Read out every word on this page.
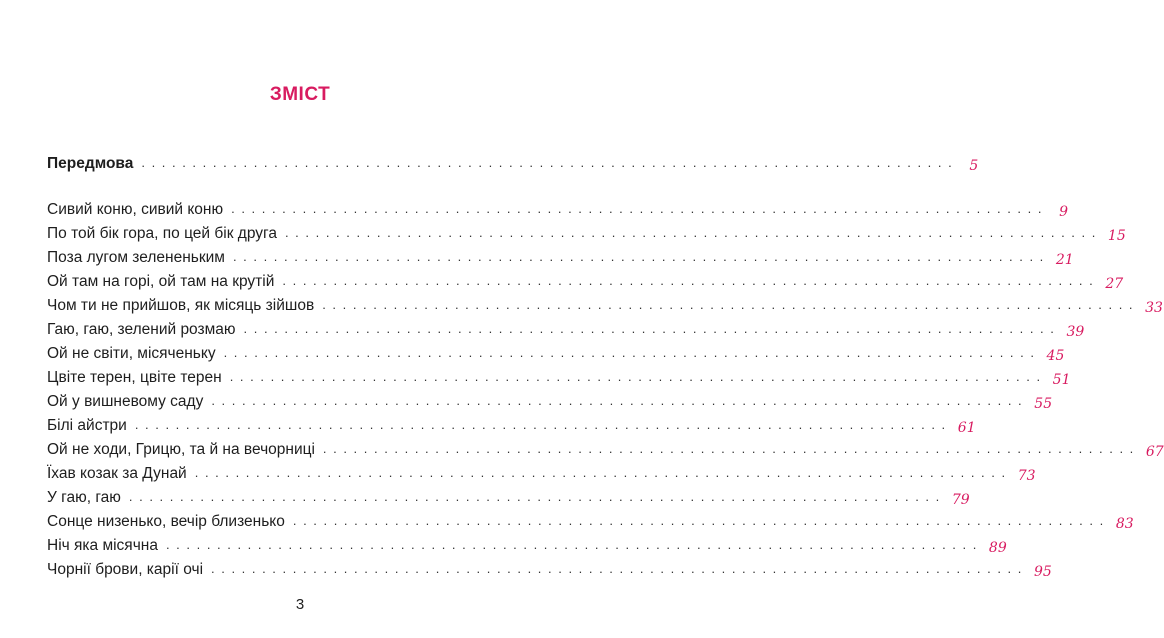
ЗМІСТ
Передмова ................................................................................ 5
Сивий коню, сивий коню ................................................................................ 9
По той бік гора, по цей бік друга ................................................................................ 15
Поза лугом зелененьким ................................................................................ 21
Ой там на горі, ой там на крутій ................................................................................ 27
Чом ти не прийшов, як місяць зійшов ................................................................................ 33
Гаю, гаю, зелений розмаю ................................................................................ 39
Ой не світи, місяченьку ................................................................................ 45
Цвіте терен, цвіте терен ................................................................................ 51
Ой у вишневому саду ................................................................................ 55
Білі айстри ................................................................................ 61
Ой не ходи, Грицю, та й на вечорниці ................................................................................ 67
Їхав козак за Дунай ................................................................................ 73
У гаю, гаю ................................................................................ 79
Сонце низенько, вечір близенько ................................................................................ 83
Ніч яка місячна ................................................................................ 89
Чорнії брови, карії очі ................................................................................ 95
3
